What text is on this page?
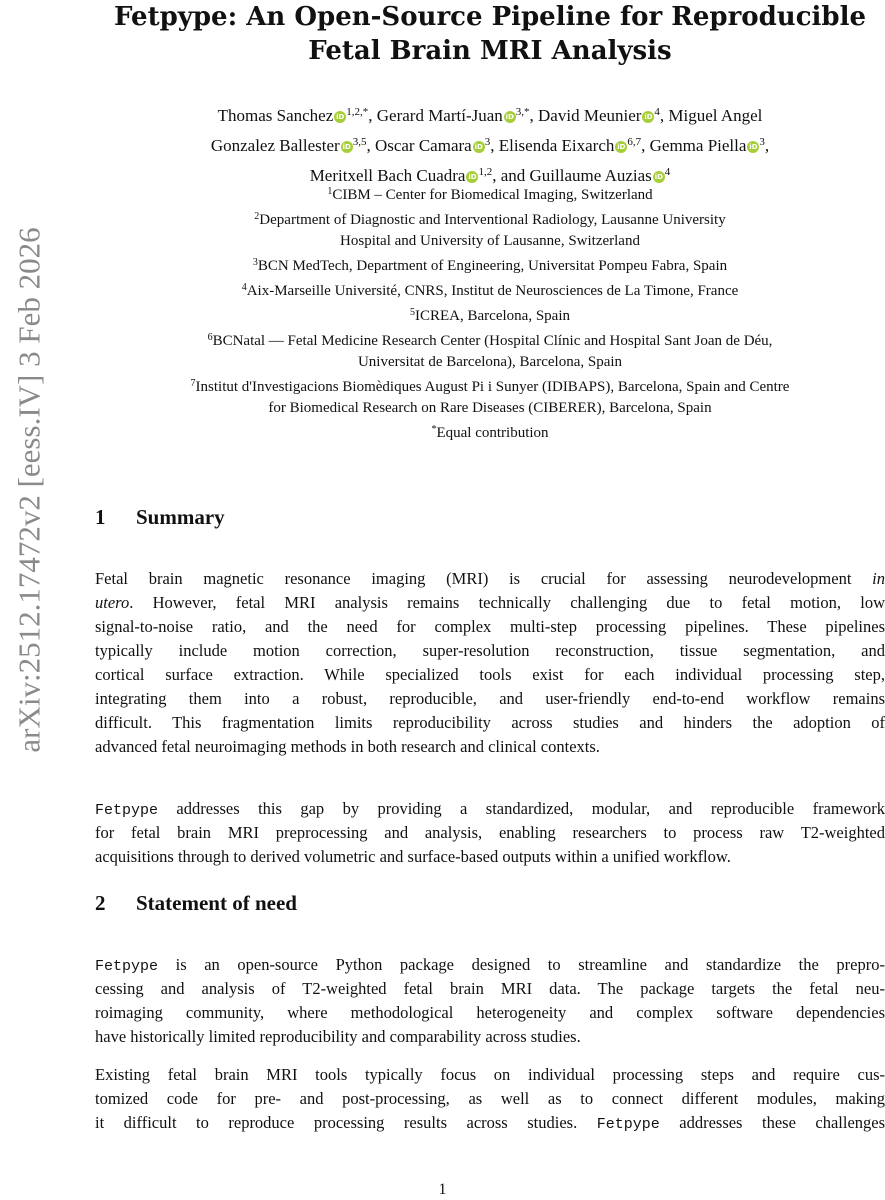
arXiv:2512.17472v2 [eess.IV] 3 Feb 2026
Fetpype: An Open-Source Pipeline for Reproducible
Fetal Brain MRI Analysis
Thomas Sanchez iD $^{1,2,*}$, Gerard Martí-Juan iD $^{3,*}$, David Meunier iD $^4$, Miguel Angel
Gonzalez Ballester iD $^{3,5}$, Oscar Camara iD $^3$, Elisenda Eixarch iD $^{6,7}$, Gemma Piella iD $^3$,
Meritxell Bach Cuadra iD $^{1,2}$, and Guillaume Auzias iD $^4$
$^1$CIBM – Center for Biomedical Imaging, Switzerland
$^2$Department of Diagnostic and Interventional Radiology, Lausanne University
Hospital and University of Lausanne, Switzerland
$^3$BCN MedTech, Department of Engineering, Universitat Pompeu Fabra, Spain
$^4$Aix-Marseille Université, CNRS, Institut de Neurosciences de La Timone, France
$^5$ICREA, Barcelona, Spain
$^6$BCNatal — Fetal Medicine Research Center (Hospital Clínic and Hospital Sant Joan de Déu,
Universitat de Barcelona), Barcelona, Spain
$^7$Institut d'Investigacions Biomèdiques August Pi i Sunyer (IDIBAPS), Barcelona, Spain and Centre
for Biomedical Research on Rare Diseases (CIBERER), Barcelona, Spain
*Equal contribution
1 Summary
Fetal brain magnetic resonance imaging (MRI) is crucial for assessing neurodevelopment in
utero. However, fetal MRI analysis remains technically challenging due to fetal motion, low
signal-to-noise ratio, and the need for complex multi-step processing pipelines. These pipelines
typically include motion correction, super-resolution reconstruction, tissue segmentation, and
cortical surface extraction. While specialized tools exist for each individual processing step,
integrating them into a robust, reproducible, and user-friendly end-to-end workflow remains
difficult. This fragmentation limits reproducibility across studies and hinders the adoption of
advanced fetal neuroimaging methods in both research and clinical contexts.
Fetpype addresses this gap by providing a standardized, modular, and reproducible framework
for fetal brain MRI preprocessing and analysis, enabling researchers to process raw T2-weighted
acquisitions through to derived volumetric and surface-based outputs within a unified workflow.
2 Statement of need
Fetpype is an open-source Python package designed to streamline and standardize the prepro-
cessing and analysis of T2-weighted fetal brain MRI data. The package targets the fetal neu-
roimaging community, where methodological heterogeneity and complex software dependencies
have historically limited reproducibility and comparability across studies.
Existing fetal brain MRI tools typically focus on individual processing steps and require cus-
tomized code for pre- and post-processing, as well as to connect different modules, making
it difficult to reproduce processing results across studies. Fetpype addresses these challenges
1
